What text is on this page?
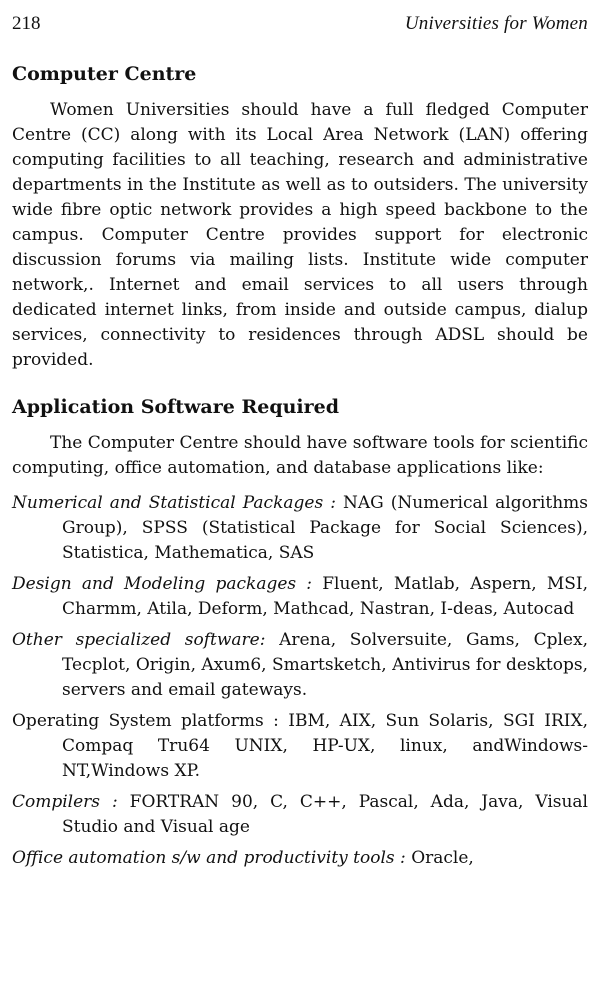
218	Universities for Women
Computer Centre

Women Universities should have a full fledged Computer Centre (CC) along with its Local Area Network (LAN) offering computing facilities to all teaching, research and administrative departments in the Institute as well as to outsiders. The university wide fibre optic network provides a high speed backbone to the campus. Computer Centre provides support for electronic discussion forums via mailing lists. Institute wide computer network,. Internet and email services to all users through dedicated internet links, from inside and outside campus, dialup services, connectivity to residences through ADSL should be provided.

Application Software Required

The Computer Centre should have software tools for scientific computing, office automation, and database applications like:

Numerical and Statistical Packages : NAG (Numerical algorithms Group), SPSS (Statistical Package for Social Sciences), Statistica, Mathematica, SAS

Design and Modeling packages : Fluent, Matlab, Aspern, MSI, Charmm, Atila, Deform, Mathcad, Nastran, I-deas, Autocad

Other specialized software: Arena, Solversuite, Gams, Cplex, Tecplot, Origin, Axum6, Smartsketch, Antivirus for desktops, servers and email gateways.

Operating System platforms : IBM, AIX, Sun Solaris, SGI IRIX, Compaq Tru64 UNIX, HP-UX, linux, andWindows-NT,Windows XP.

Compilers : FORTRAN 90, C, C++, Pascal, Ada, Java, Visual Studio and Visual age

Office automation s/w and productivity tools : Oracle,
